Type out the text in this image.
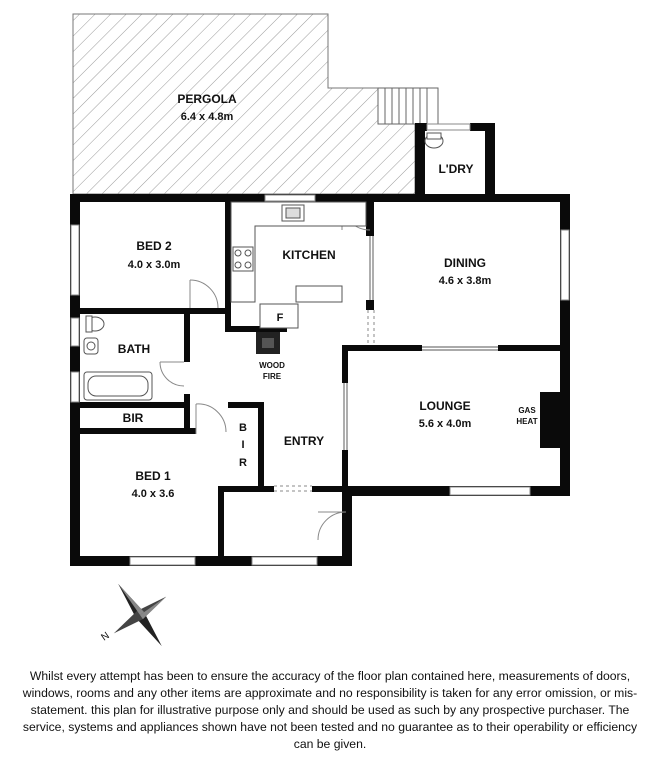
PERGOLA
6.4 x 4.8m
L'DRY
BED 2
4.0 x 3.0m
KITCHEN
DINING
4.6 x 3.8m
BATH
F
WOOD
FIRE
LOUNGE
5.6 x 4.0m
GAS
HEAT
BIR
B
I
R
ENTRY
BED 1
4.0 x 3.6
N
Whilst every attempt has been to ensure the accuracy of the floor plan contained here, measurements of doors, windows, rooms and any other items are approximate and no responsibility is taken for any error omission, or mis-statement. this plan for illustrative purpose only and should be used as such by any prospective purchaser. The service, systems and appliances shown have not been tested and no guarantee as to their operability or efficiency can be given.
